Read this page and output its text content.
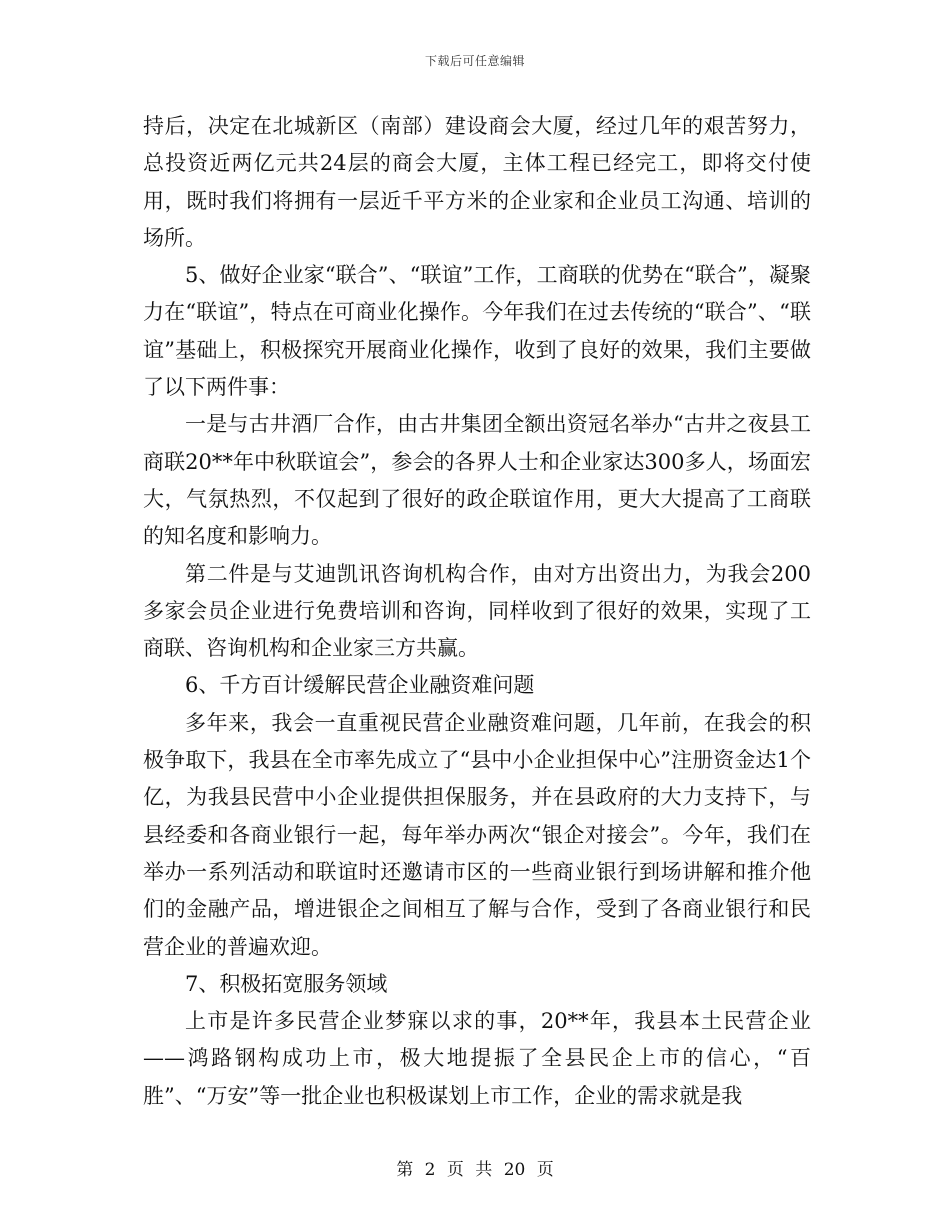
下载后可任意编辑

持后，决定在北城新区（南部）建设商会大厦，经过几年的艰苦努力，总投资近两亿元共24层的商会大厦，主体工程已经完工，即将交付使用，既时我们将拥有一层近千平方米的企业家和企业员工沟通、培训的场所。

5、做好企业家“联合”、“联谊”工作，工商联的优势在“联合”，凝聚力在“联谊”，特点在可商业化操作。今年我们在过去传统的“联合”、“联谊”基础上，积极探究开展商业化操作，收到了良好的效果，我们主要做了以下两件事：

一是与古井酒厂合作，由古井集团全额出资冠名举办“古井之夜县工商联20**年中秋联谊会”，参会的各界人士和企业家达300多人，场面宏大，气氛热烈，不仅起到了很好的政企联谊作用，更大大提高了工商联的知名度和影响力。

第二件是与艾迪凯讯咨询机构合作，由对方出资出力，为我会200多家会员企业进行免费培训和咨询，同样收到了很好的效果，实现了工商联、咨询机构和企业家三方共赢。

6、千方百计缓解民营企业融资难问题

多年来，我会一直重视民营企业融资难问题，几年前，在我会的积极争取下，我县在全市率先成立了“县中小企业担保中心”注册资金达1个亿，为我县民营中小企业提供担保服务，并在县政府的大力支持下，与县经委和各商业银行一起，每年举办两次“银企对接会”。今年，我们在举办一系列活动和联谊时还邀请市区的一些商业银行到场讲解和推介他们的金融产品，增进银企之间相互了解与合作，受到了各商业银行和民营企业的普遍欢迎。

7、积极拓宽服务领域

上市是许多民营企业梦寐以求的事，20**年，我县本土民营企业——鸿路钢构成功上市，极大地提振了全县民企上市的信心，“百胜”、“万安”等一批企业也积极谋划上市工作，企业的需求就是我

第 2 页 共 20 页
